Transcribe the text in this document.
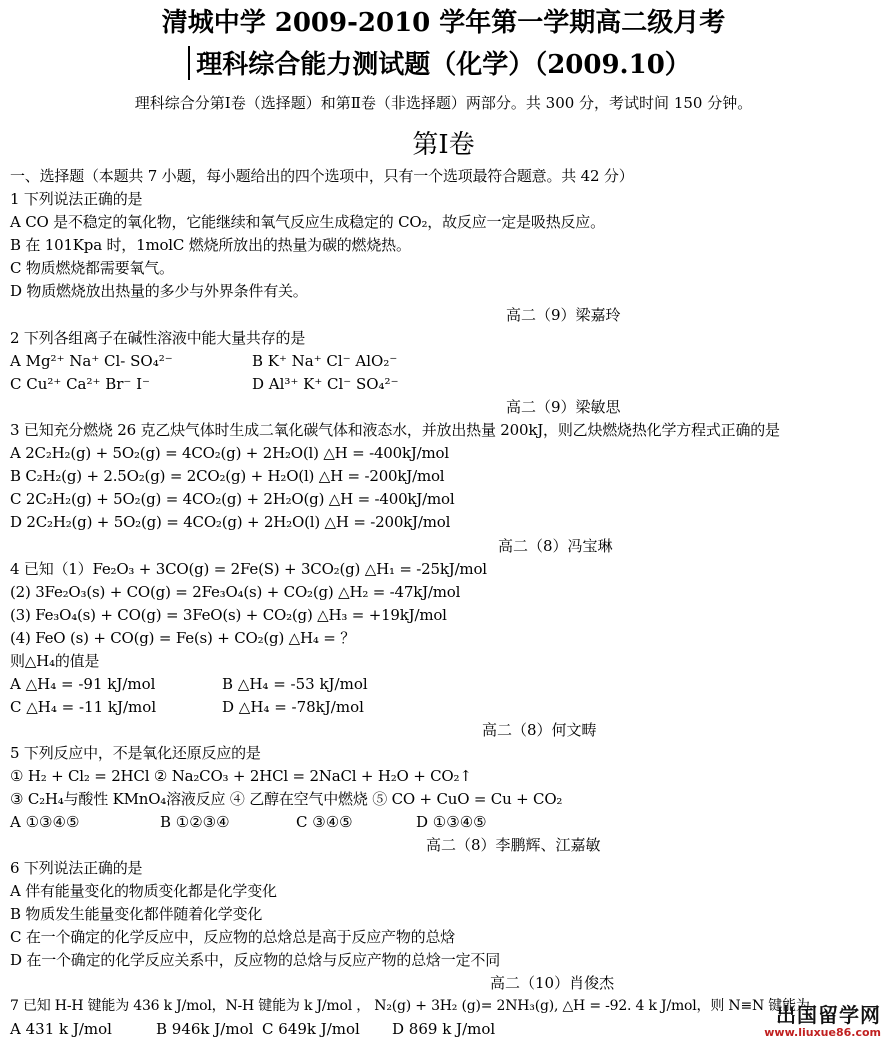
清城中学 2009-2010 学年第一学期高二级月考
理科综合能力测试题（化学）（2009.10）
理科综合分第Ⅰ卷（选择题）和第Ⅱ卷（非选择题）两部分。共 300 分，考试时间 150 分钟。
第Ⅰ卷
一、选择题（本题共 7 小题，每小题给出的四个选项中，只有一个选项最符合题意。共 42 分）
1 下列说法正确的是
A CO 是不稳定的氧化物，它能继续和氧气反应生成稳定的 CO₂，故反应一定是吸热反应。
B 在 101Kpa 时，1molC 燃烧所放出的热量为碳的燃烧热。
C 物质燃烧都需要氧气。
D 物质燃烧放出热量的多少与外界条件有关。
高二（9）梁嘉玲
2 下列各组离子在碱性溶液中能大量共存的是
A Mg²⁺ Na⁺ Cl- SO₄²⁻	B K⁺ Na⁺ Cl⁻ AlO₂⁻
C Cu²⁺ Ca²⁺ Br⁻ I⁻	D Al³⁺ K⁺ Cl⁻ SO₄²⁻
高二（9）梁敏思
3 已知充分燃烧 26 克乙炔气体时生成二氧化碳气体和液态水，并放出热量 200kJ，则乙炔燃烧热化学方程式正确的是
A 2C₂H₂(g) + 5O₂(g) = 4CO₂(g) + 2H₂O(l) △H = -400kJ/mol
B C₂H₂(g) + 2.5O₂(g) = 2CO₂(g) + H₂O(l) △H = -200kJ/mol
C 2C₂H₂(g) + 5O₂(g) = 4CO₂(g) + 2H₂O(g) △H = -400kJ/mol
D 2C₂H₂(g) + 5O₂(g) = 4CO₂(g) + 2H₂O(l) △H = -200kJ/mol
高二（8）冯宝琳
4 已知（1）Fe₂O₃ + 3CO(g) = 2Fe(S) + 3CO₂(g) △H₁ = -25kJ/mol
(2) 3Fe₂O₃(s) + CO(g) = 2Fe₃O₄(s) + CO₂(g) △H₂ = -47kJ/mol
(3) Fe₃O₄(s) + CO(g) = 3FeO(s) + CO₂(g) △H₃ = +19kJ/mol
(4) FeO (s) + CO(g) = Fe(s) + CO₂(g) △H₄ = ？
则△H₄的值是
A △H₄ = -91 kJ/mol	B △H₄ = -53 kJ/mol
C △H₄ = -11 kJ/mol	D △H₄ = -78kJ/mol
高二（8）何文畴
5 下列反应中，不是氧化还原反应的是
① H₂ + Cl₂ = 2HCl ② Na₂CO₃ + 2HCl = 2NaCl + H₂O + CO₂↑
③ C₂H₄与酸性 KMnO₄溶液反应 ④ 乙醇在空气中燃烧 ⑤ CO + CuO = Cu + CO₂
A ①③④⑤	B ①②③④	C ③④⑤	D ①③④⑤
高二（8）李鹏辉、江嘉敏
6 下列说法正确的是
A 伴有能量变化的物质变化都是化学变化
B 物质发生能量变化都伴随着化学变化
C 在一个确定的化学反应中，反应物的总焓总是高于反应产物的总焓
D 在一个确定的化学反应关系中，反应物的总焓与反应产物的总焓一定不同
高二（10）肖俊杰
7 已知 H-H 键能为 436 k J/mol，N-H 键能为 k J/mol ， N₂(g) + 3H₂ (g)= 2NH₃(g), △H = -92. 4 k J/mol，则 N≡N 键能为
A 431 k J/mol	B 946k J/mol C 649k J/mol D 869 k J/mol
出国留学网
www.liuxue86.com
